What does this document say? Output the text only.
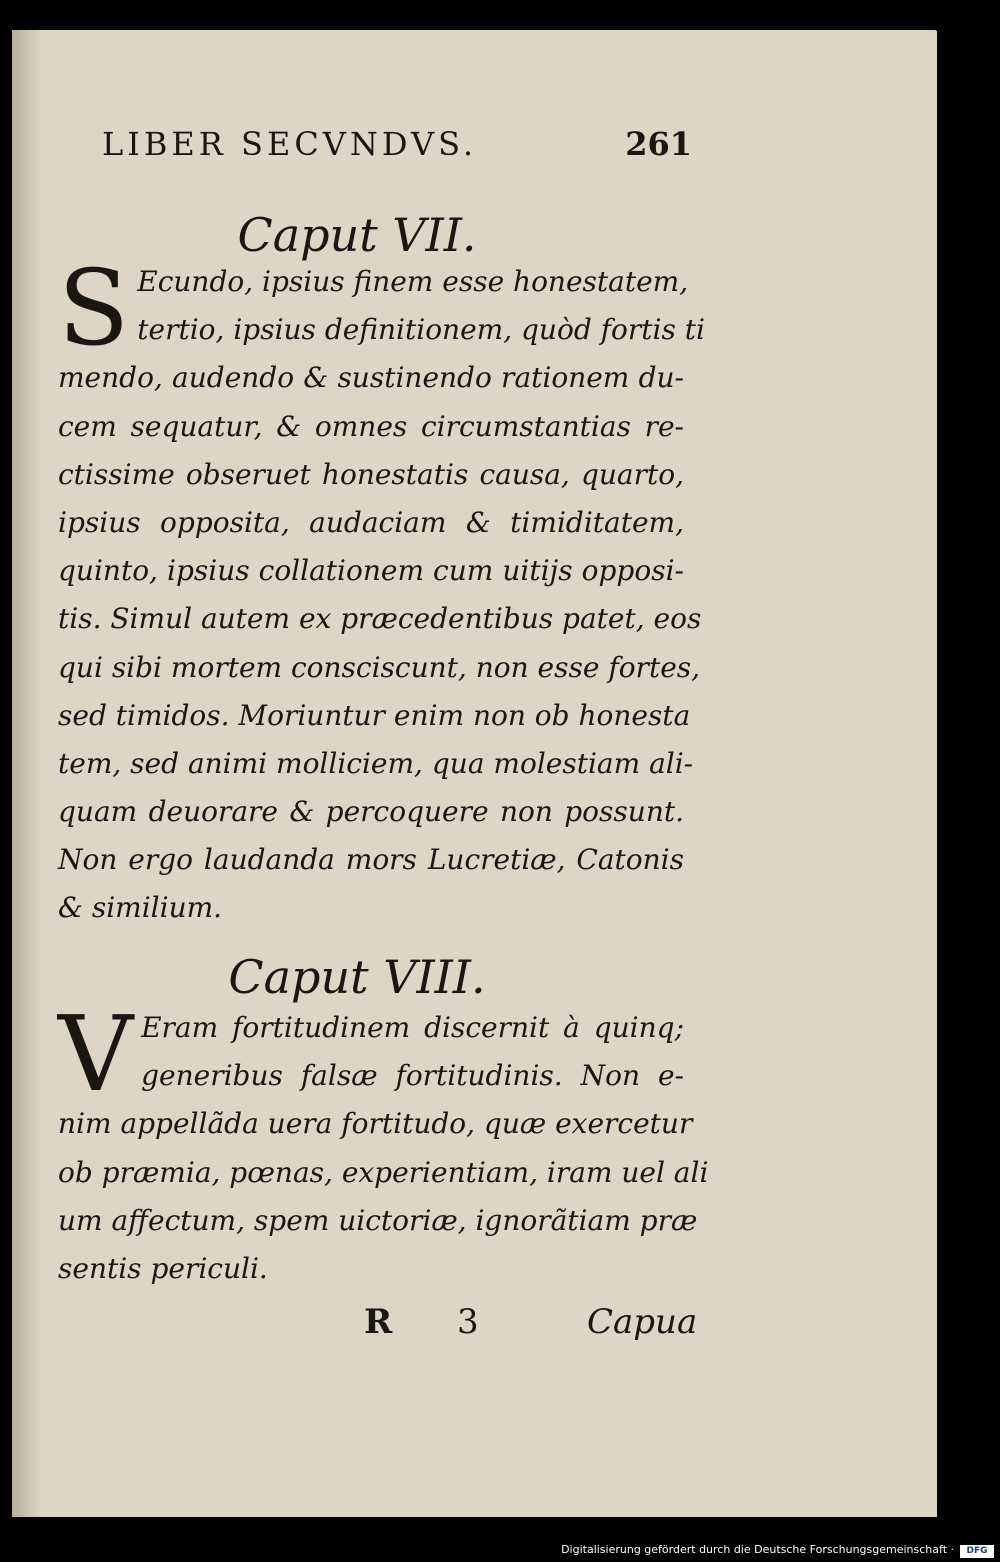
LIBER SECVNDVS.	261
Caput VII.
S Ecundo, ipsius finem esse honestatem,
tertio, ipsius definitionem, quòd fortis ti
mendo, audendo & sustinendo rationem du-
cem sequatur, & omnes circumstantias re-
ctissime obseruet honestatis causa, quarto,
ipsius opposita, audaciam & timiditatem,
quinto, ipsius collationem cum uitijs opposi-
tis. Simul autem ex præcedentibus patet, eos
qui sibi mortem consciscunt, non esse fortes,
sed timidos. Moriuntur enim non ob honesta
tem, sed animi molliciem, qua molestiam ali-
quam deuorare & percoquere non possunt.
Non ergo laudanda mors Lucretiæ, Catonis
& similium.
Caput VIII.
V Eram fortitudinem discernit à quinq;
generibus falsæ fortitudinis. Non e-
nim appellãda uera fortitudo, quæ exercetur
ob præmia, pœnas, experientiam, iram uel ali
um affectum, spem uictoriæ, ignorãtiam præ
sentis periculi.
R 3	Capua
Digitalisierung gefördert durch die Deutsche Forschungsgemeinschaft ·	DFG
